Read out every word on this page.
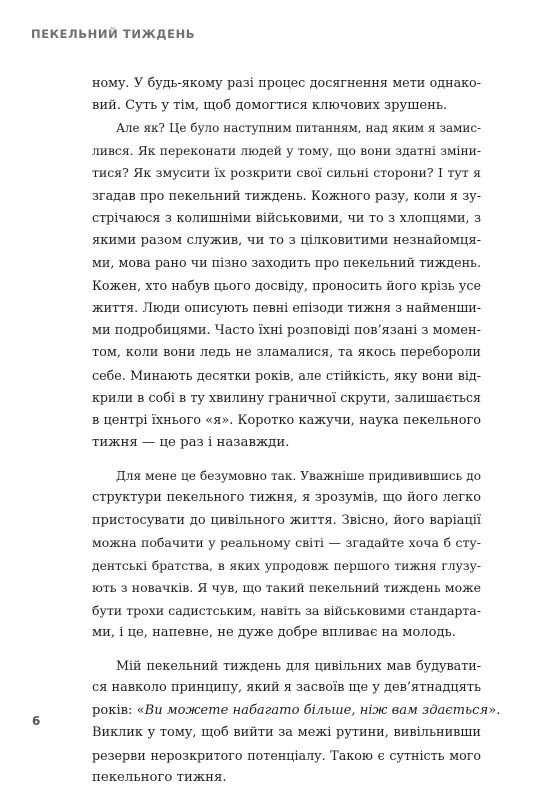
ПЕКЕЛЬНИЙ ТИЖДЕНЬ

ному. У будь-якому разі процес досягнення мети однако-
вий. Суть у тім, щоб домогтися ключових зрушень.

Але як? Це було наступним питанням, над яким я замис-
лився. Як переконати людей у тому, що вони здатні зміни-
тися? Як змусити їх розкрити свої сильні сторони? І тут я
згадав про пекельний тиждень. Кожного разу, коли я зу-
стрічаюся з колишніми військовими, чи то з хлопцями, з
якими разом служив, чи то з цілковитими незнайомця-
ми, мова рано чи пізно заходить про пекельний тиждень.
Кожен, хто набув цього досвіду, проносить його крізь усе
життя. Люди описують певні епізоди тижня з найменши-
ми подробицями. Часто їхні розповіді пов’язані з момен-
том, коли вони ледь не зламалися, та якось перебороли
себе. Минають десятки років, але стійкість, яку вони від-
крили в собі в ту хвилину граничної скрути, залишається
в центрі їхнього «я». Коротко кажучи, наука пекельного
тижня — це раз і назавжди.

Для мене це безумовно так. Уважніше придивившись до
структури пекельного тижня, я зрозумів, що його легко
пристосувати до цивільного життя. Звісно, його варіації
можна побачити у реальному світі — згадайте хоча б сту-
дентські братства, в яких упродовж першого тижня глузу-
ють з новачків. Я чув, що такий пекельний тиждень може
бути трохи садистським, навіть за військовими стандарта-
ми, і це, напевне, не дуже добре впливає на молодь.

Мій пекельний тиждень для цивільних мав будувати-
ся навколо принципу, який я засвоїв ще у дев’ятнадцять
років: «Ви можете набагато більше, ніж вам здається».
Виклик у тому, щоб вийти за межі рутини, вивільнивши
резерви нерозкритого потенціалу. Такою є сутність мого
пекельного тижня.

6
